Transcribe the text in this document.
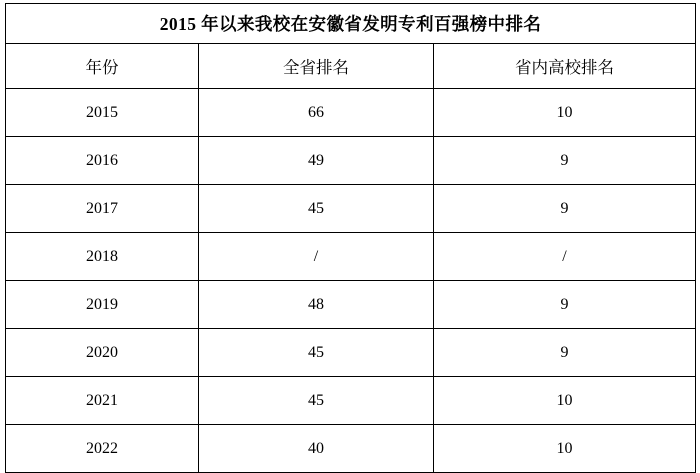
2015 年以来我校在安徽省发明专利百强榜中排名		
年份	全省排名	省内高校排名
2015	66	10
2016	49	9
2017	45	9
2018	/	/
2019	48	9
2020	45	9
2021	45	10
2022	40	10
